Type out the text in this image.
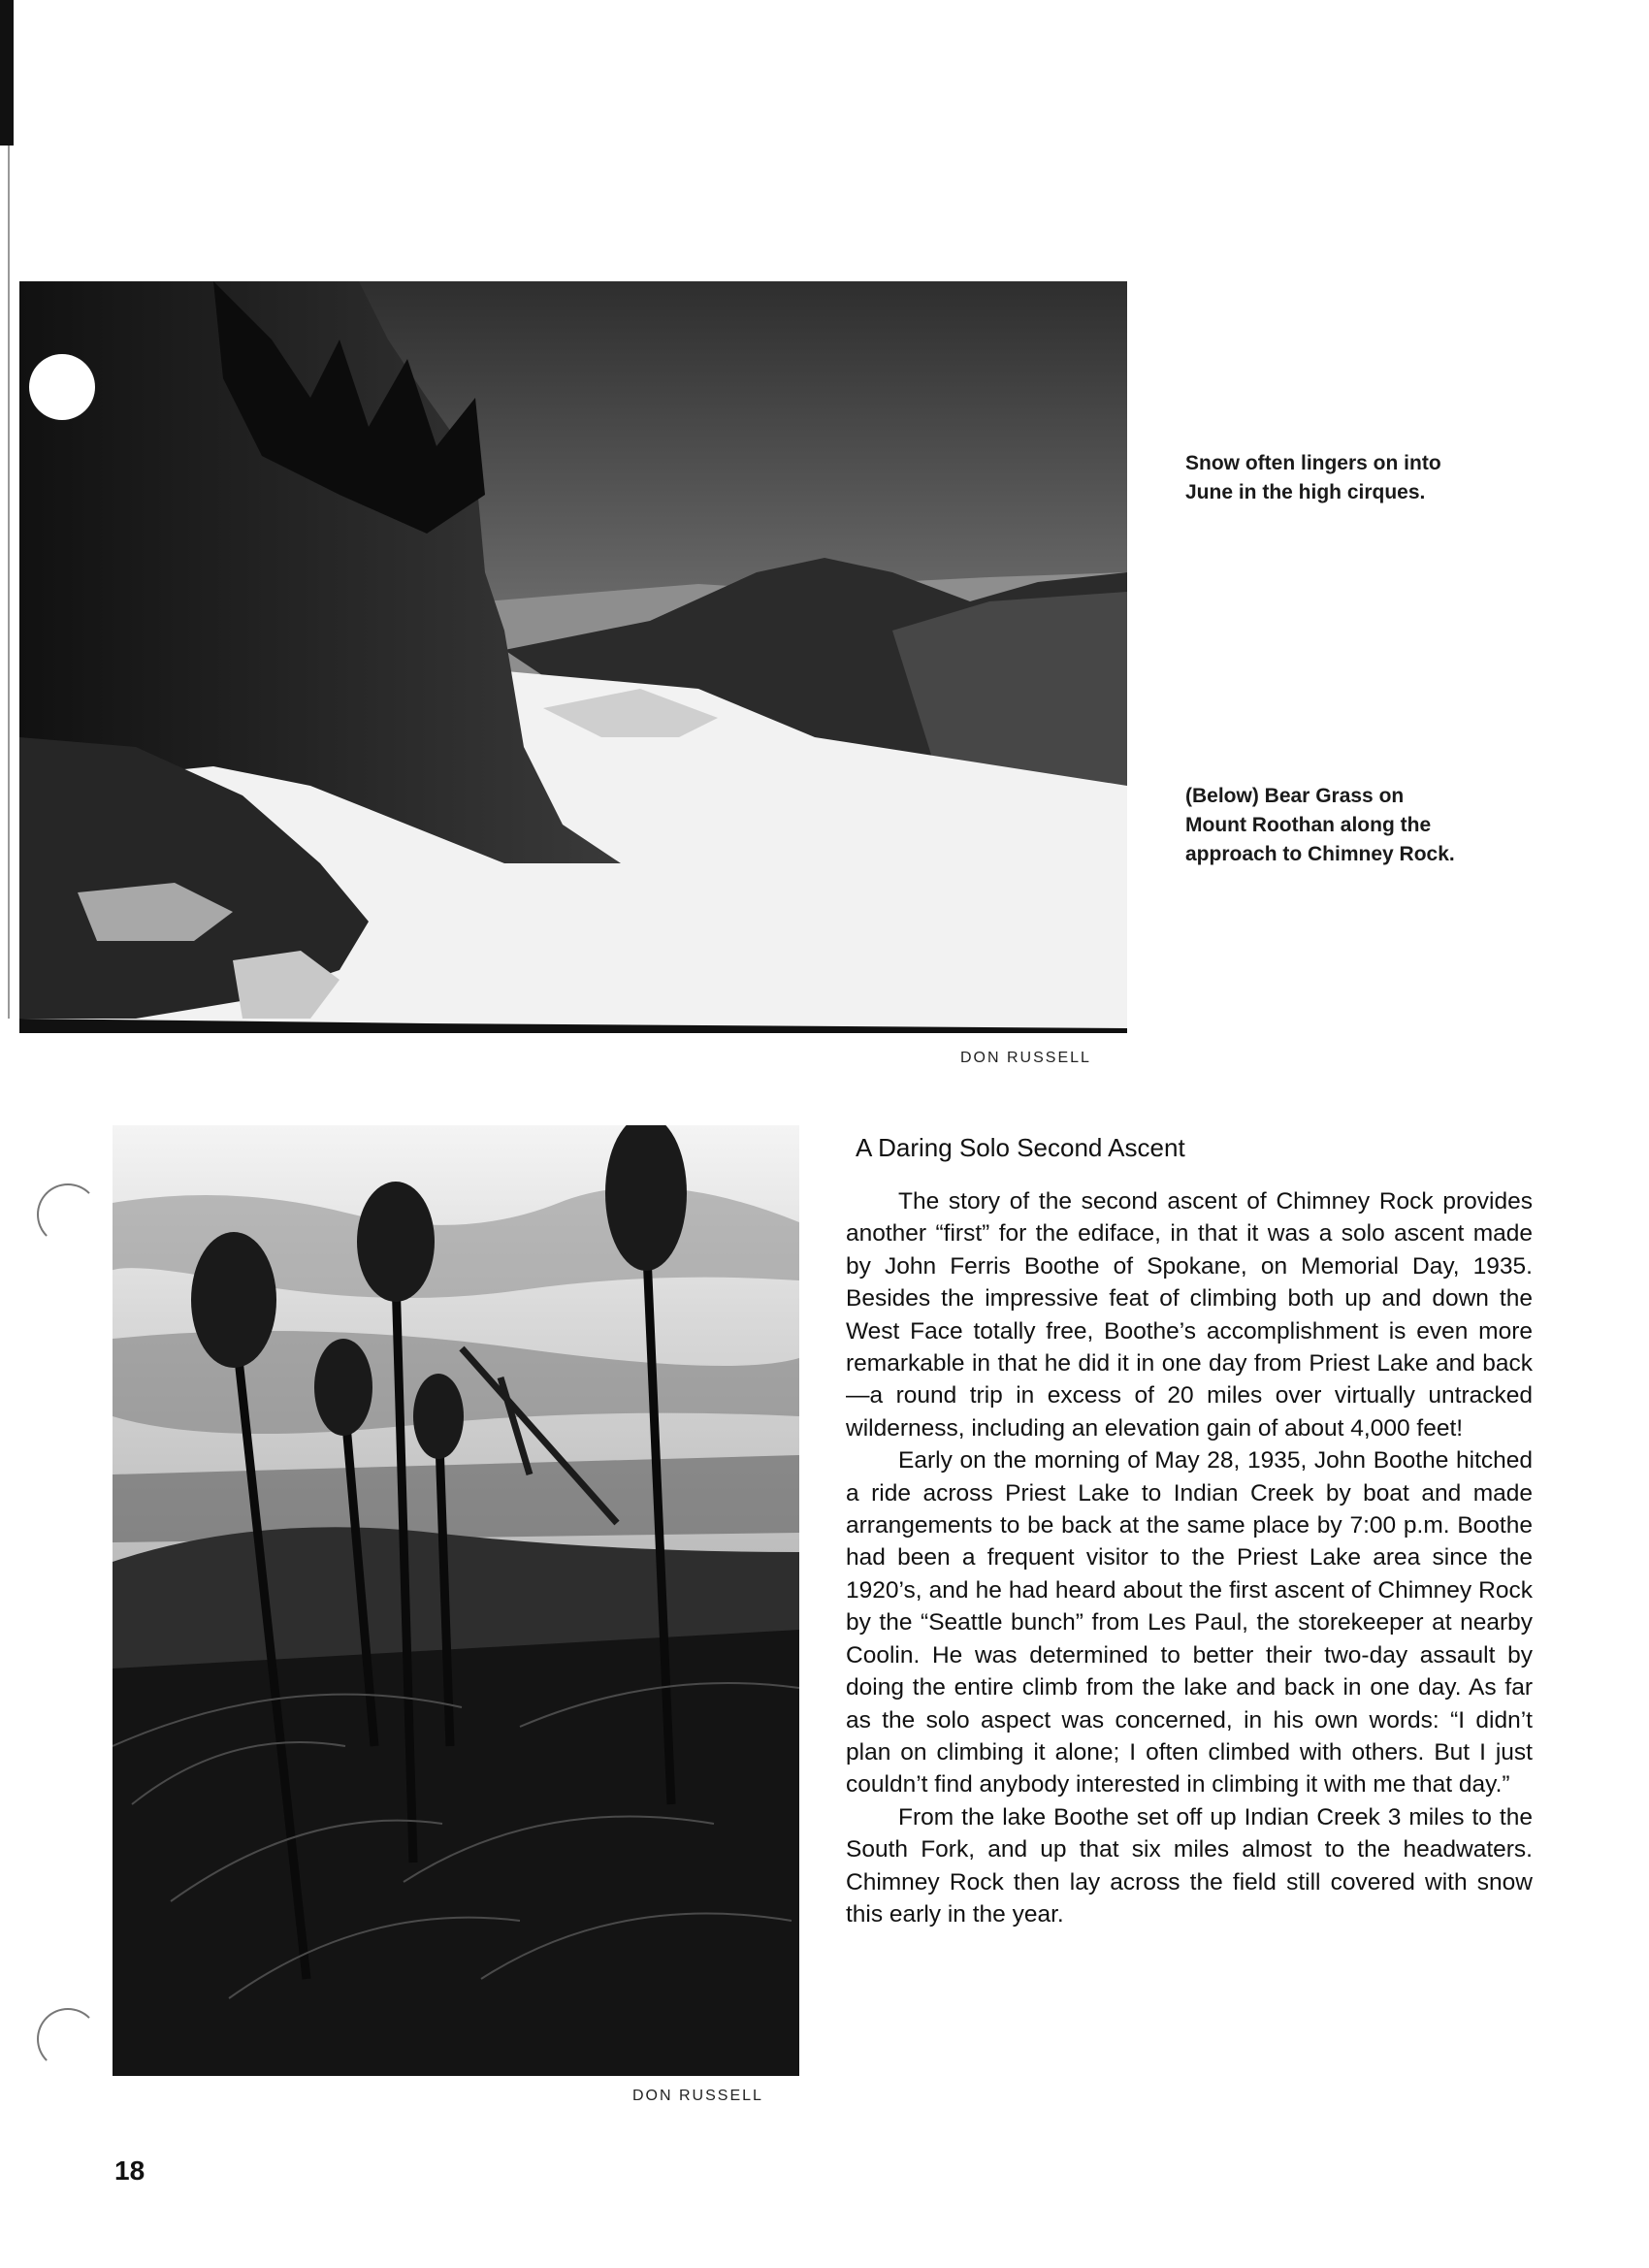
Snow often lingers on into June in the high cirques.
(Below) Bear Grass on Mount Roothan along the approach to Chimney Rock.
DON RUSSELL
DON RUSSELL
A Daring Solo Second Ascent

The story of the second ascent of Chimney Rock provides another “first” for the ediface, in that it was a solo ascent made by John Ferris Boothe of Spokane, on Memorial Day, 1935. Besides the impressive feat of climbing both up and down the West Face totally free, Boothe’s accomplishment is even more remarkable in that he did it in one day from Priest Lake and back—a round trip in excess of 20 miles over virtually untracked wilderness, including an elevation gain of about 4,000 feet!

Early on the morning of May 28, 1935, John Boothe hitched a ride across Priest Lake to Indian Creek by boat and made arrangements to be back at the same place by 7:00 p.m. Boothe had been a frequent visitor to the Priest Lake area since the 1920’s, and he had heard about the first ascent of Chimney Rock by the “Seattle bunch” from Les Paul, the storekeeper at nearby Coolin. He was determined to better their two-day assault by doing the entire climb from the lake and back in one day. As far as the solo aspect was concerned, in his own words: “I didn’t plan on climbing it alone; I often climbed with others. But I just couldn’t find anybody interested in climbing it with me that day.”

From the lake Boothe set off up Indian Creek 3 miles to the South Fork, and up that six miles almost to the headwaters. Chimney Rock then lay across the field still covered with snow this early in the year.

18
